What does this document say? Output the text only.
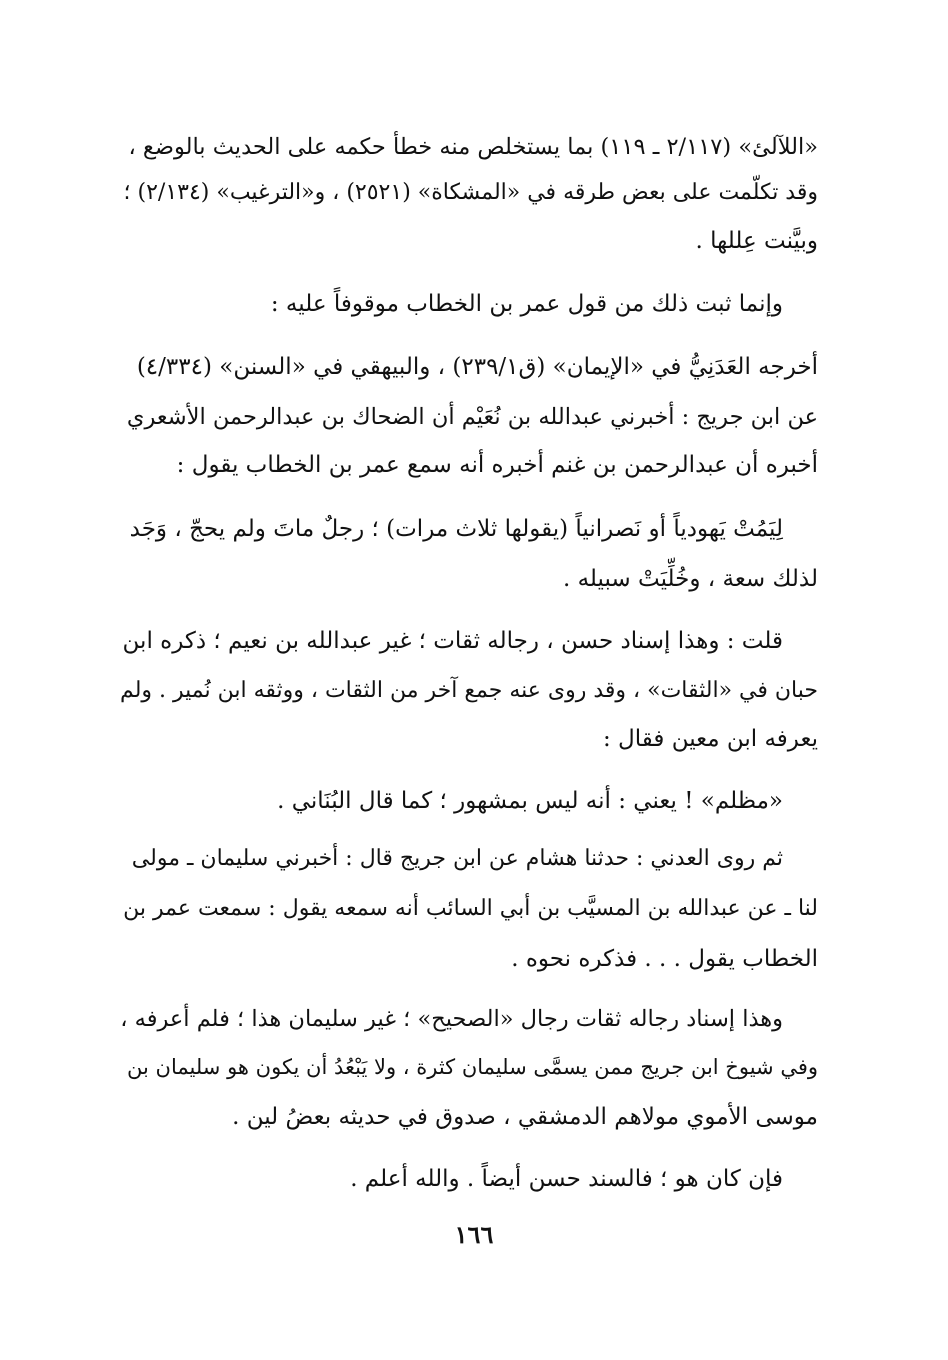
«اللآلئ» (٢/١١٧ ـ ١١٩) بما يستخلص منه خطأ حكمه على الحديث بالوضع ،
وقد تكلّمت على بعض طرقه في «المشكاة» (٢٥٢١) ، و«الترغيب» (٢/١٣٤) ؛
وبيَّنت عِللها .
وإنما ثبت ذلك من قول عمر بن الخطاب موقوفاً عليه :
أخرجه العَدَنِيُّ في «الإيمان» (ق٢٣٩/١) ، والبيهقي في «السنن» (٤/٣٣٤)
عن ابن جريج : أخبرني عبدالله بن نُعَيْم أن الضحاك بن عبدالرحمن الأشعري
أخبره أن عبدالرحمن بن غنم أخبره أنه سمع عمر بن الخطاب يقول :
لِيَمُتْ يَهودياً أو نَصرانياً (يقولها ثلاث مرات) ؛ رجلٌ ماتَ ولم يحجّ ، وَجَد
لذلك سعة ، وخُلِّيَتْ سبيله .
قلت : وهذا إسناد حسن ، رجاله ثقات ؛ غير عبدالله بن نعيم ؛ ذكره ابن
حبان في «الثقات» ، وقد روى عنه جمع آخر من الثقات ، ووثقه ابن نُمير . ولم
يعرفه ابن معين فقال :
«مظلم» ! يعني : أنه ليس بمشهور ؛ كما قال البُنَاني .
ثم روى العدني : حدثنا هشام عن ابن جريج قال : أخبرني سليمان ـ مولى
لنا ـ عن عبدالله بن المسيَّب بن أبي السائب أنه سمعه يقول : سمعت عمر بن
الخطاب يقول . . . فذكره نحوه .
وهذا إسناد رجاله ثقات رجال «الصحيح» ؛ غير سليمان هذا ؛ فلم أعرفه ،
وفي شيوخ ابن جريج ممن يسمَّى سليمان كثرة ، ولا يَبْعُدُ أن يكون هو سليمان بن
موسى الأموي مولاهم الدمشقي ، صدوق في حديثه بعضُ لين .
فإن كان هو ؛ فالسند حسن أيضاً . والله أعلم .
١٦٦
